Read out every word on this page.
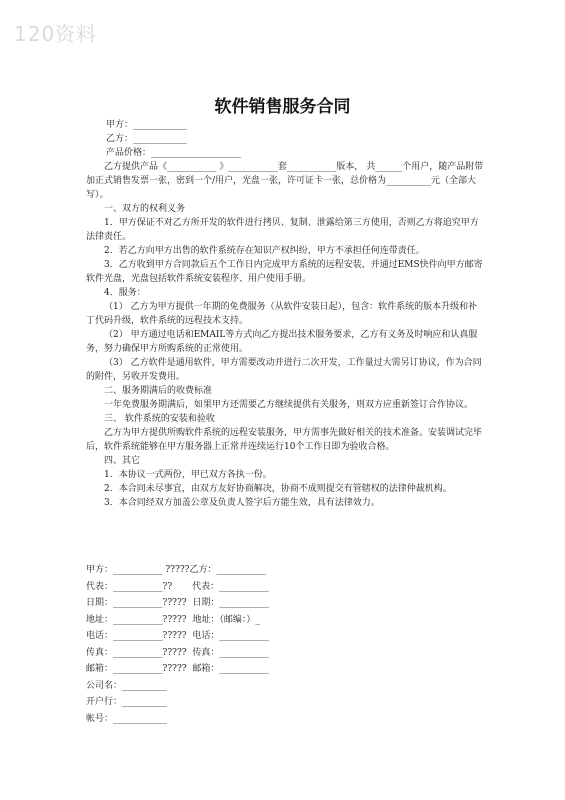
120资料
软件销售服务合同

甲方：____________

乙方：____________

产品价格：____________________

乙方提供产品《___________ 》___________套___________版本， 共______个用户，随产品附带加正式销售发票一张，密到一个/用户，光盘一张，许可证卡一张，总价格为__________元（全部大写）。

一、双方的权利义务

1．甲方保证不对乙方所开发的软件进行拷贝、复制、泄露给第三方使用，否则乙方将追究甲方法律责任。

2．若乙方向甲方出售的软件系统存在知识产权纠纷，甲方不承担任何连带责任。

3．乙方收到甲方合同款后五个工作日内完成甲方系统的远程安装，并通过EMS快件向甲方邮寄软件光盘，光盘包括软件系统安装程序、用户使用手册。

4．服务：

（1） 乙方为甲方提供一年期的免费服务（从软件安装日起），包含：软件系统的版本升级和补丁代码升级，软件系统的远程技术支持。

（2） 甲方通过电话和EMAIL等方式向乙方提出技术服务要求，乙方有义务及时响应和认真服务，努力确保甲方所购系统的正常使用。

（3） 乙方软件是通用软件，甲方需要改动并进行二次开发，工作量过大需另订协议，作为合同的附件，另收开发费用。

二、服务期满后的收费标准

一年免费服务期满后，如果甲方还需要乙方继续提供有关服务，则双方应重新签订合作协议。

三、 软件系统的安装和验收

乙方为甲方提供所购软件系统的远程安装服务，甲方需事先做好相关的技术准备。安装调试完毕后，软件系统能够在甲方服务器上正常并连续运行10个工作日即为验收合格。

四、其它

1．本协议一式两份，甲已双方各执一份。

2．本合同未尽事宜，由双方友好协商解决，协商不成则提交有管辖权的法律仲裁机构。

3．本合同经双方加盖公章及负责人签字后方能生效，具有法律效力。

甲方：___________ ?????乙方：___________

代表：___________??       代表：___________

日期：___________?????  日期：___________

地址：___________?????  地址：（邮编：）_

电话：___________?????  电话：___________

传真：___________?????  传真：___________

邮箱：___________?????  邮箱：___________

公司名：__________

开户行：__________

帐号：____________
